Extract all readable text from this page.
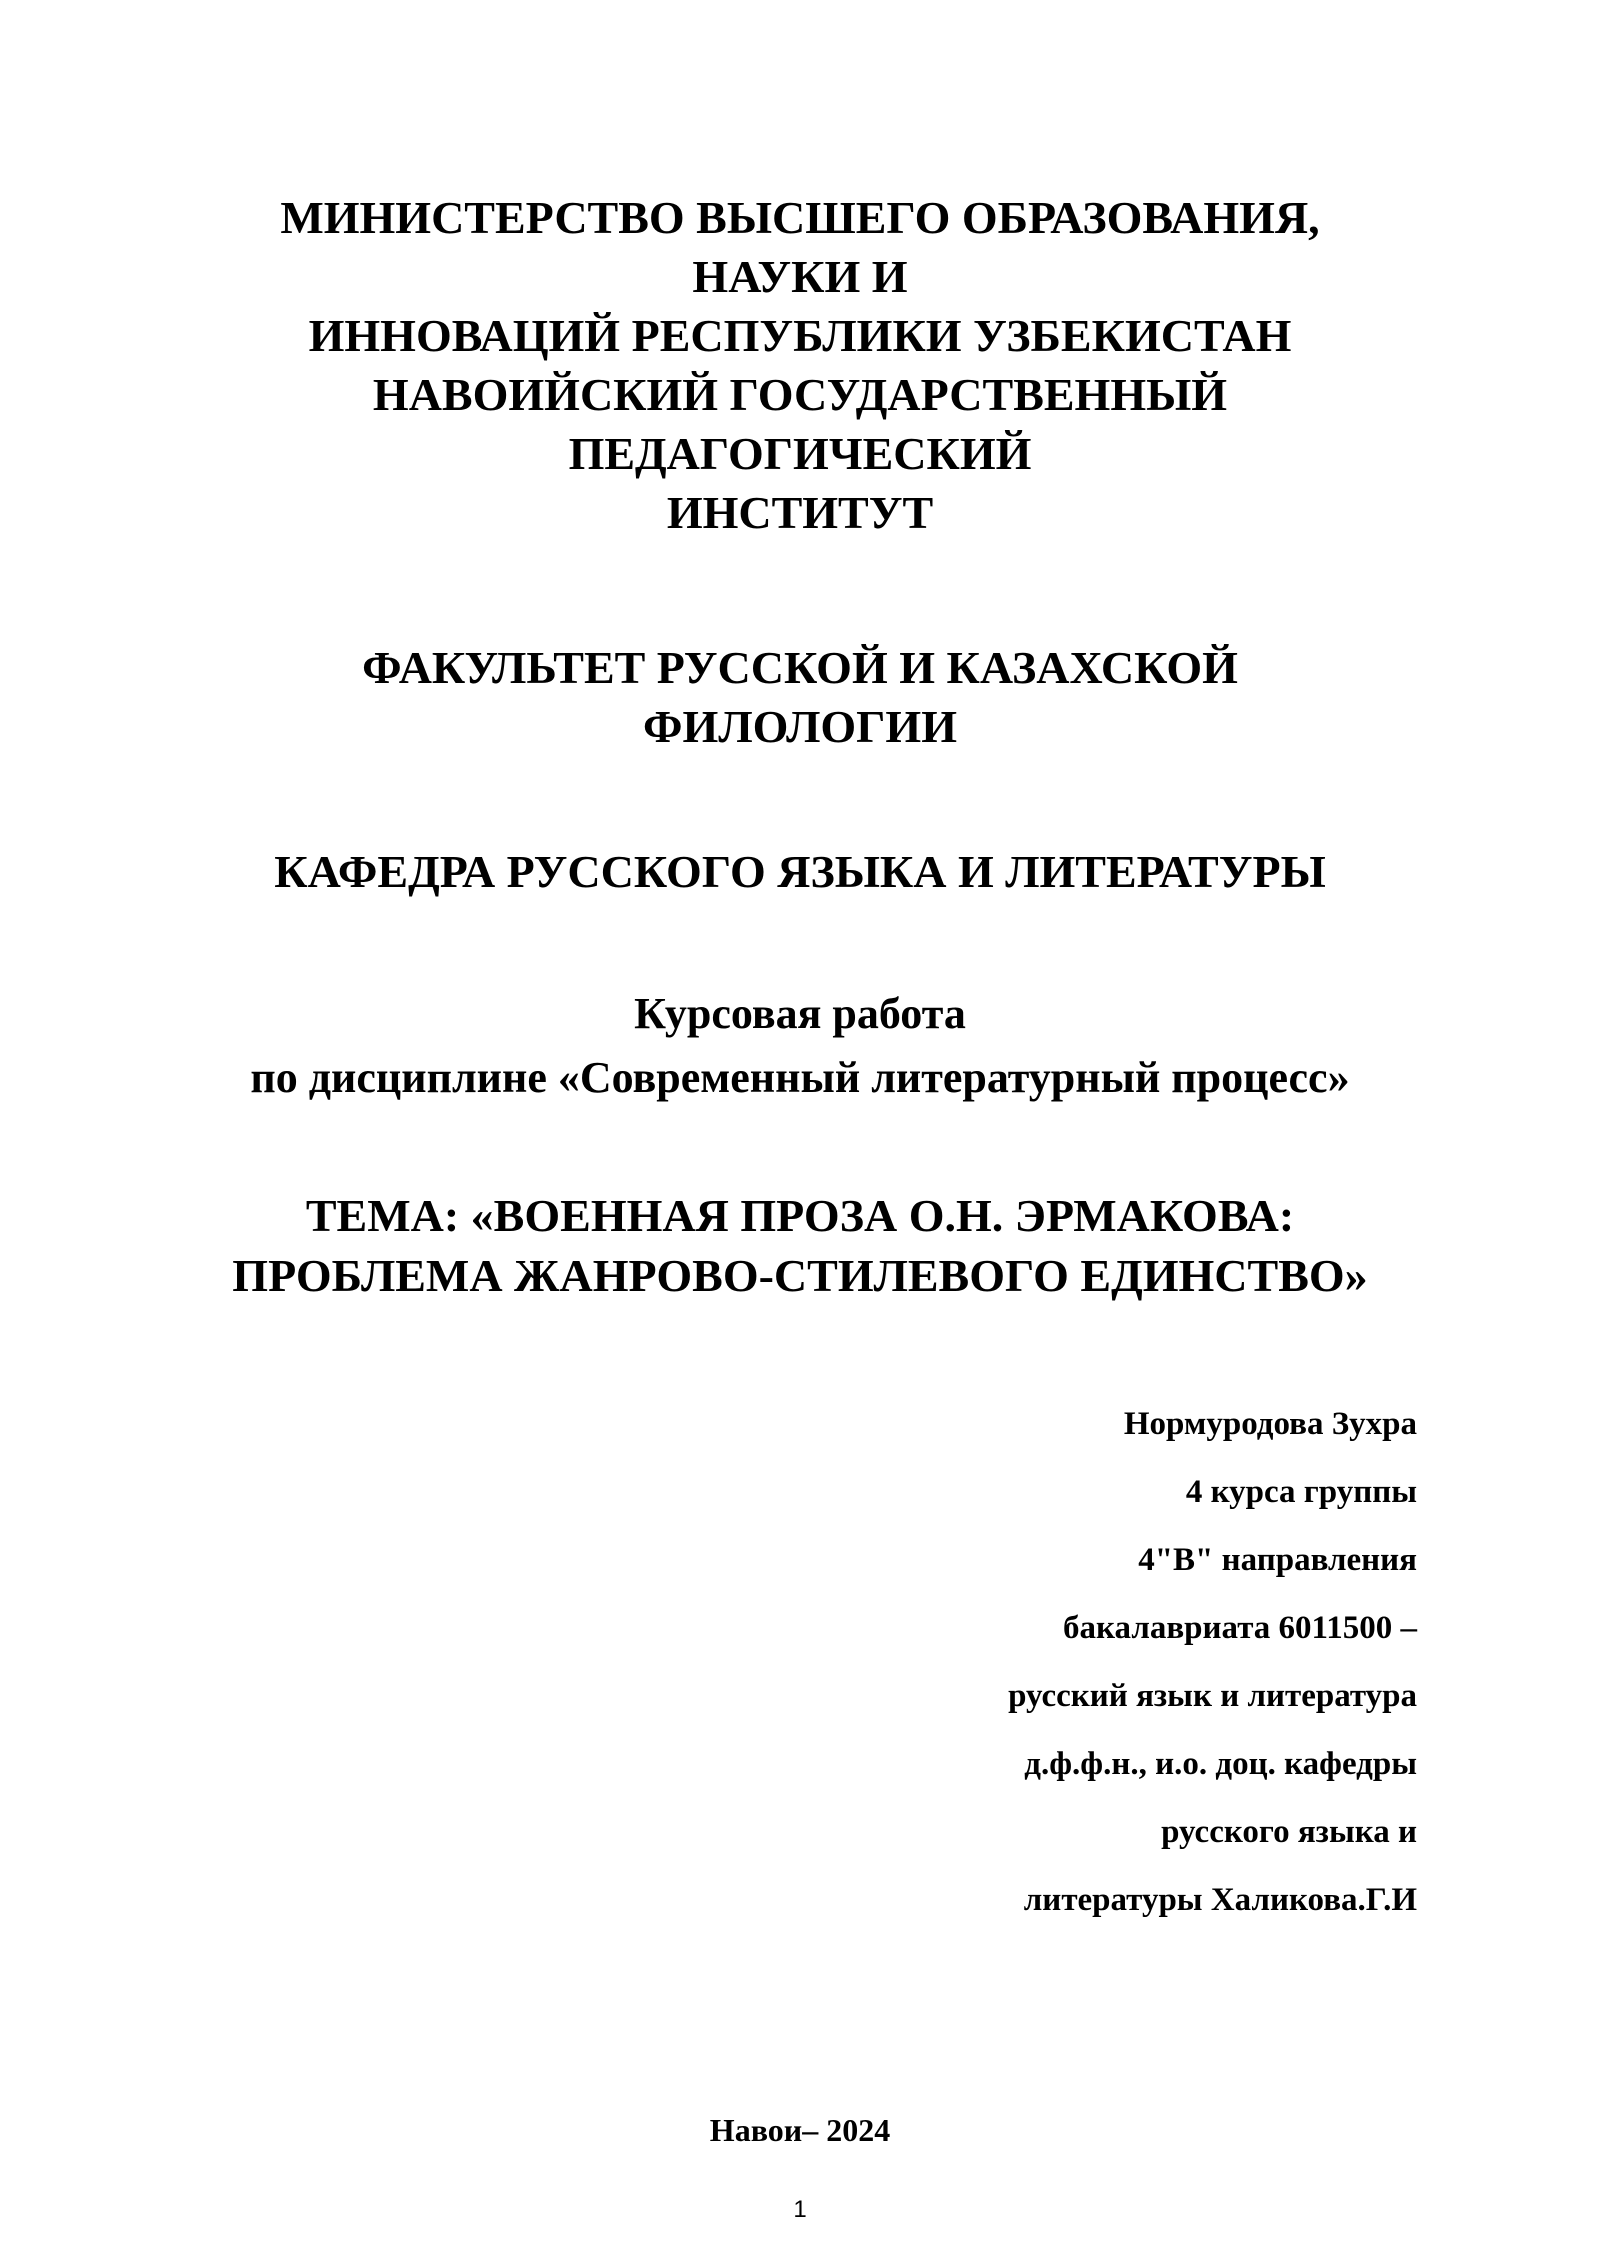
МИНИСТЕРСТВО ВЫСШЕГО ОБРАЗОВАНИЯ,
НАУКИ И
ИННОВАЦИЙ РЕСПУБЛИКИ УЗБЕКИСТАН
НАВОИЙСКИЙ ГОСУДАРСТВЕННЫЙ
ПЕДАГОГИЧЕСКИЙ
ИНСТИТУТ
ФАКУЛЬТЕТ РУССКОЙ И КАЗАХСКОЙ
ФИЛОЛОГИИ
КАФЕДРА РУССКОГО ЯЗЫКА И ЛИТЕРАТУРЫ
Курсовая работа
по дисциплине «Современный литературный процесс»
ТЕМА: «ВОЕННАЯ ПРОЗА О.Н. ЭРМАКОВА:
ПРОБЛЕМА ЖАНРОВО-СТИЛЕВОГО ЕДИНСТВО»
Нормуродова Зухра
4 курса группы
4"В" направления
бакалавриата 6011500 –
русский язык и литература
д.ф.ф.н., и.о. доц. кафедры
русского языка и
литературы Халикова.Г.И
Навои– 2024
1
